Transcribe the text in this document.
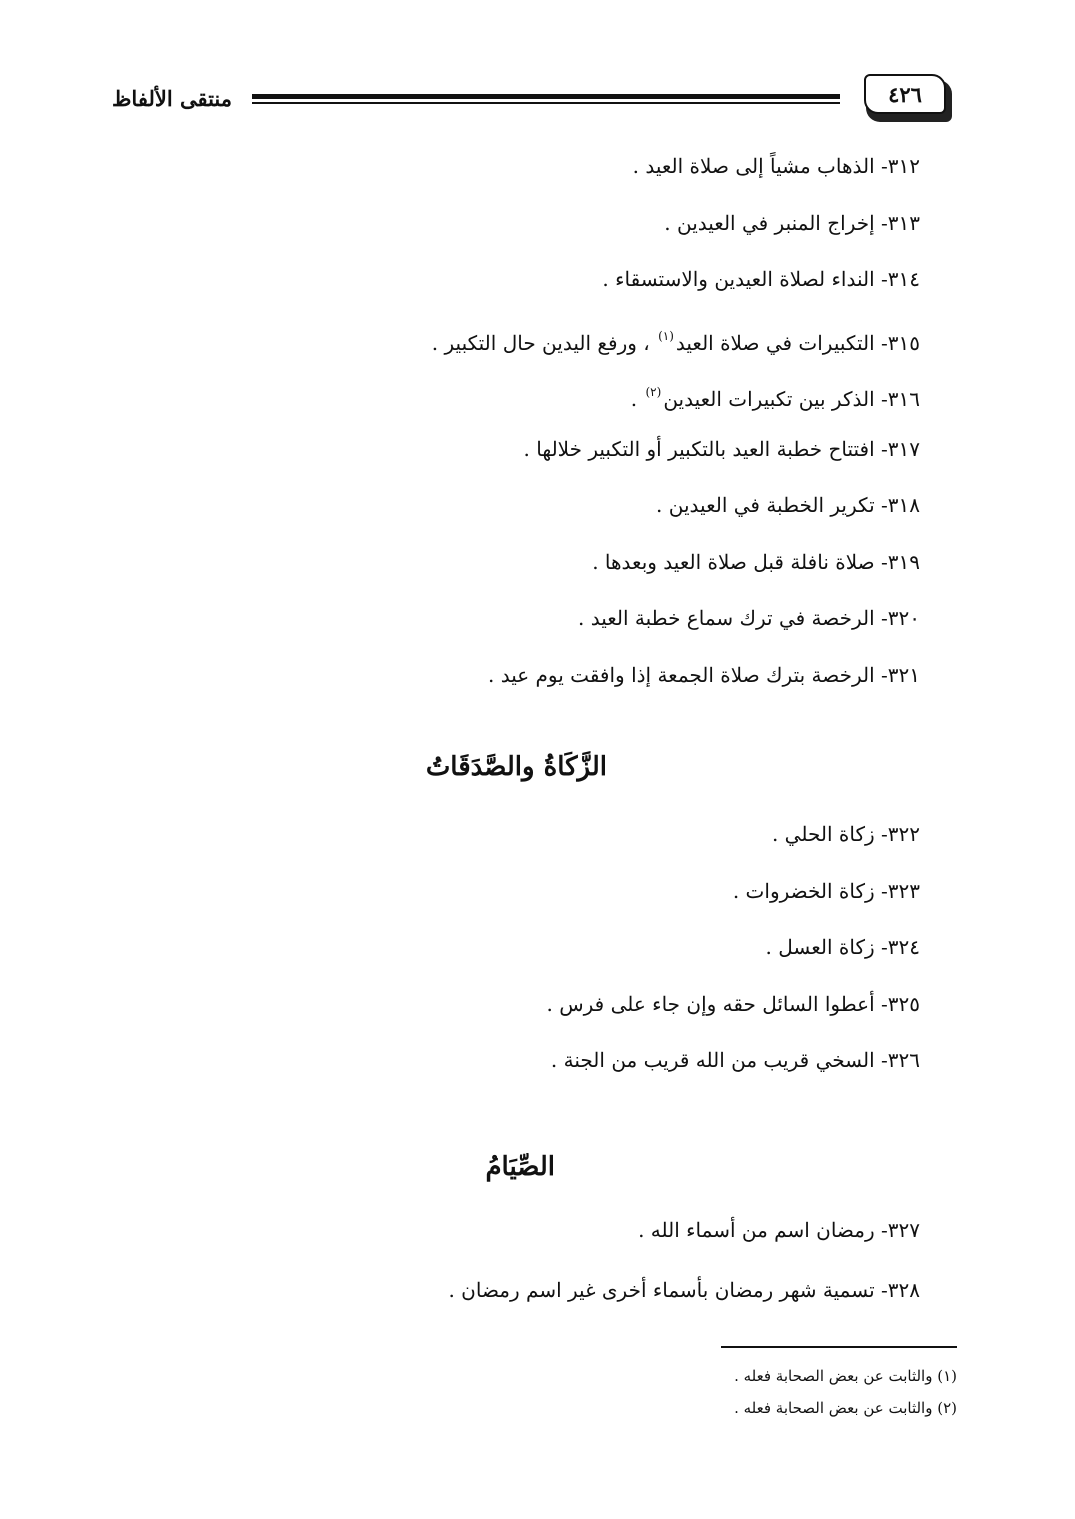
٤٢٦
منتقى الألفاظ
٣١٢- الذهاب مشياً إلى صلاة العيد .
٣١٣- إخراج المنبر في العيدين .
٣١٤- النداء لصلاة العيدين والاستسقاء .
٣١٥- التكبيرات في صلاة العيد$^{(١)}$ ، ورفع اليدين حال التكبير .
٣١٦- الذكر بين تكبيرات العيدين$^{(٢)}$ .
٣١٧- افتتاح خطبة العيد بالتكبير أو التكبير خلالها .
٣١٨- تكرير الخطبة في العيدين .
٣١٩- صلاة نافلة قبل صلاة العيد وبعدها .
٣٢٠- الرخصة في ترك سماع خطبة العيد .
٣٢١- الرخصة بترك صلاة الجمعة إذا وافقت يوم عيد .
الزَّكَاةُ والصَّدَقَاتُ
٣٢٢- زكاة الحلي .
٣٢٣- زكاة الخضروات .
٣٢٤- زكاة العسل .
٣٢٥- أعطوا السائل حقه وإن جاء على فرس .
٣٢٦- السخي قريب من الله قريب من الجنة .
الصِّيَامُ
٣٢٧- رمضان اسم من أسماء الله .
٣٢٨- تسمية شهر رمضان بأسماء أخرى غير اسم رمضان .
(١) والثابت عن بعض الصحابة فعله .
(٢) والثابت عن بعض الصحابة فعله .
